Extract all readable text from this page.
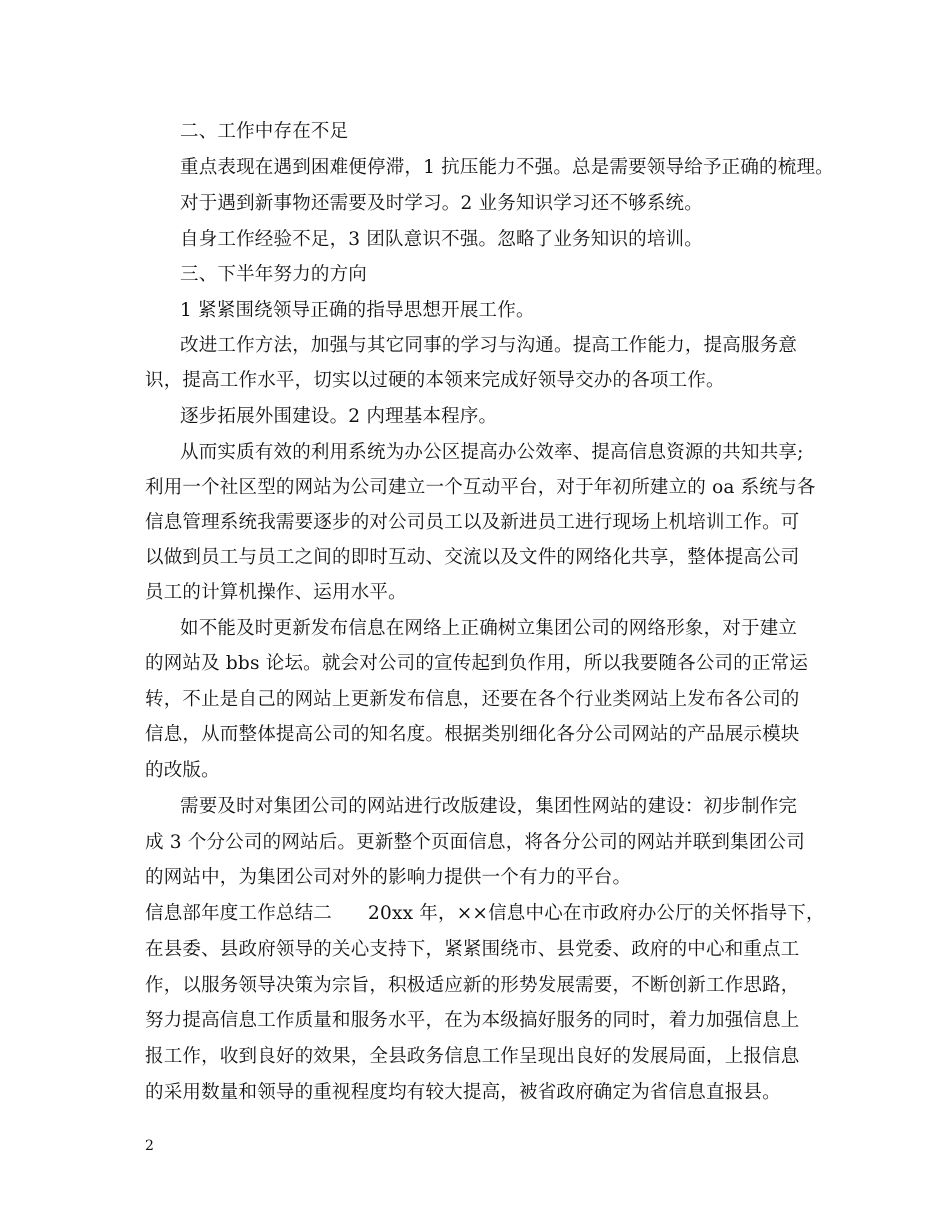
二、工作中存在不足
重点表现在遇到困难便停滞，1 抗压能力不强。总是需要领导给予正确的梳理。
对于遇到新事物还需要及时学习。2 业务知识学习还不够系统。
自身工作经验不足，3 团队意识不强。忽略了业务知识的培训。
三、下半年努力的方向
1 紧紧围绕领导正确的指导思想开展工作。
改进工作方法，加强与其它同事的学习与沟通。提高工作能力，提高服务意
识，提高工作水平，切实以过硬的本领来完成好领导交办的各项工作。
逐步拓展外围建设。2 内理基本程序。
从而实质有效的利用系统为办公区提高办公效率、提高信息资源的共知共享;
利用一个社区型的网站为公司建立一个互动平台，对于年初所建立的 oa 系统与各
信息管理系统我需要逐步的对公司员工以及新进员工进行现场上机培训工作。可
以做到员工与员工之间的即时互动、交流以及文件的网络化共享，整体提高公司
员工的计算机操作、运用水平。
如不能及时更新发布信息在网络上正确树立集团公司的网络形象，对于建立
的网站及 bbs 论坛。就会对公司的宣传起到负作用，所以我要随各公司的正常运
转，不止是自己的网站上更新发布信息，还要在各个行业类网站上发布各公司的
信息，从而整体提高公司的知名度。根据类别细化各分公司网站的产品展示模块
的改版。
需要及时对集团公司的网站进行改版建设，集团性网站的建设：初步制作完
成 3 个分公司的网站后。更新整个页面信息，将各分公司的网站并联到集团公司
的网站中，为集团公司对外的影响力提供一个有力的平台。
信息部年度工作总结二 20xx 年，××信息中心在市政府办公厅的关怀指导下，
在县委、县政府领导的关心支持下，紧紧围绕市、县党委、政府的中心和重点工
作，以服务领导决策为宗旨，积极适应新的形势发展需要，不断创新工作思路，
努力提高信息工作质量和服务水平，在为本级搞好服务的同时，着力加强信息上
报工作，收到良好的效果，全县政务信息工作呈现出良好的发展局面，上报信息
的采用数量和领导的重视程度均有较大提高，被省政府确定为省信息直报县。
2
